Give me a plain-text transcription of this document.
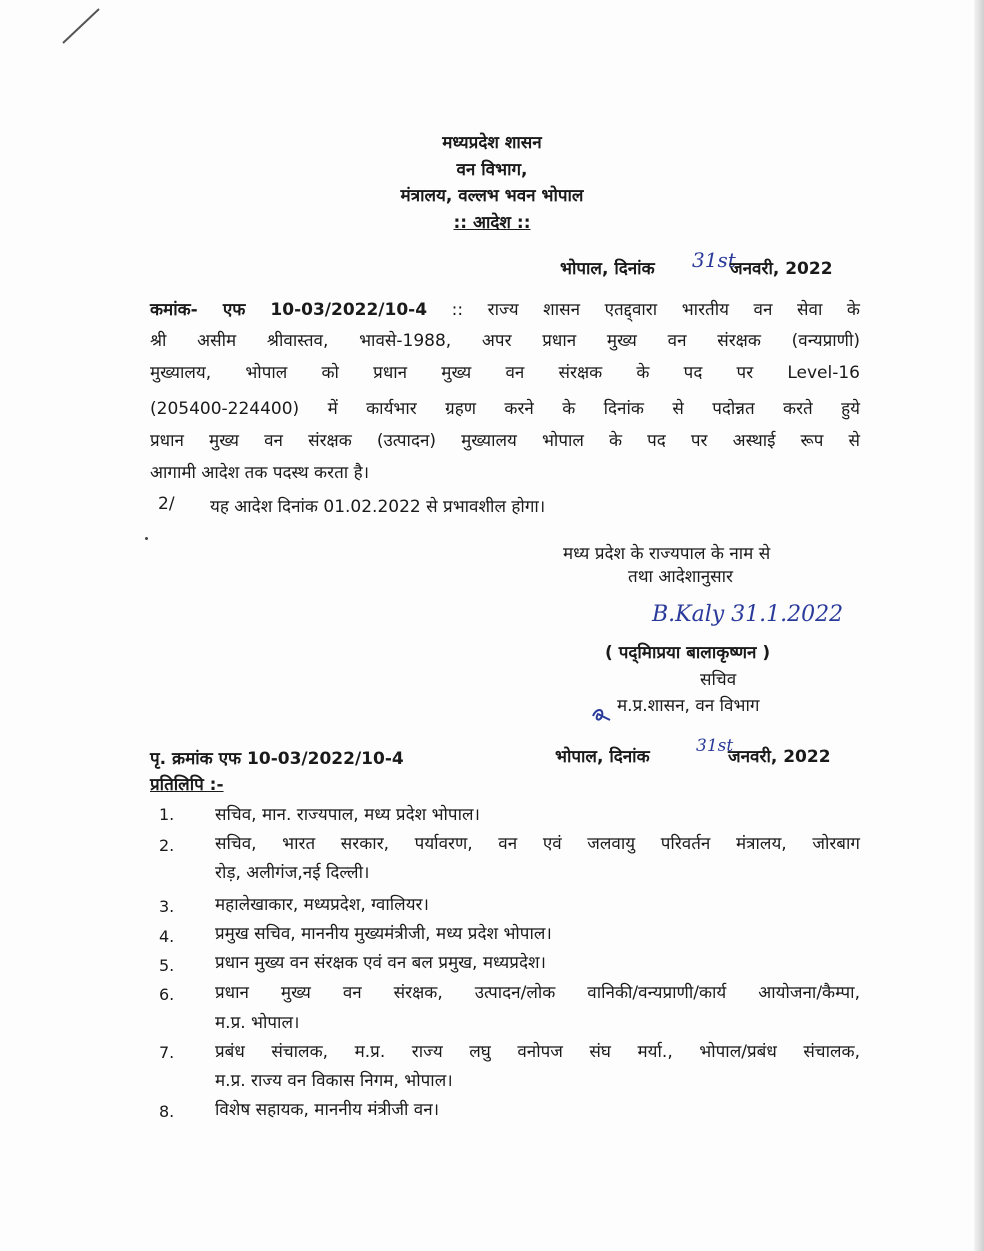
मध्यप्रदेश शासन
वन विभाग,
मंत्रालय, वल्लभ भवन भोपाल
:: आदेश ::
भोपाल, दिनांक 31st
जनवरी, 2022
कमांक- एफ 10-03/2022/10-4 :: राज्य शासन एतद्द्वारा भारतीय वन सेवा के
श्री असीम श्रीवास्तव, भावसे-1988, अपर प्रधान मुख्य वन संरक्षक (वन्यप्राणी)
मुख्यालय, भोपाल को प्रधान मुख्य वन संरक्षक के पद पर Level-16
(205400-224400) में कार्यभार ग्रहण करने के दिनांक से पदोन्नत करते हुये
प्रधान मुख्य वन संरक्षक (उत्पादन) मुख्यालय भोपाल के पद पर अस्थाई रूप से
आगामी आदेश तक पदस्थ करता है।
2/ यह आदेश दिनांक 01.02.2022 से प्रभावशील होगा।
मध्य प्रदेश के राज्यपाल के नाम से
तथा आदेशानुसार
B.Kaly 31.1.2022
( पद्‌मािप्रया बालाकृष्णन )
सचिव
म.प्र.शासन, वन विभाग
पृ. क्रमांक एफ 10-03/2022/10-4	भोपाल, दिनांक
31st
जनवरी, 2022
प्रतिलिपि :-
1. सचिव, मान. राज्यपाल, मध्य प्रदेश भोपाल।
2. सचिव, भारत सरकार, पर्यावरण, वन एवं जलवायु परिवर्तन मंत्रालय, जोरबाग
रोड़, अलीगंज,नई दिल्ली।
3. महालेखाकार, मध्यप्रदेश, ग्वालियर।
4. प्रमुख सचिव, माननीय मुख्यमंत्रीजी, मध्य प्रदेश भोपाल।
5. प्रधान मुख्य वन संरक्षक एवं वन बल प्रमुख, मध्यप्रदेश।
6. प्रधान मुख्य वन संरक्षक, उत्पादन/लोक वानिकी/वन्यप्राणी/कार्य आयोजना/कैम्पा,
म.प्र. भोपाल।
7. प्रबंध संचालक, म.प्र. राज्य लघु वनोपज संघ मर्या., भोपाल/प्रबंध संचालक,
म.प्र. राज्य वन विकास निगम, भोपाल।
8. विशेष सहायक, माननीय मंत्रीजी वन।
